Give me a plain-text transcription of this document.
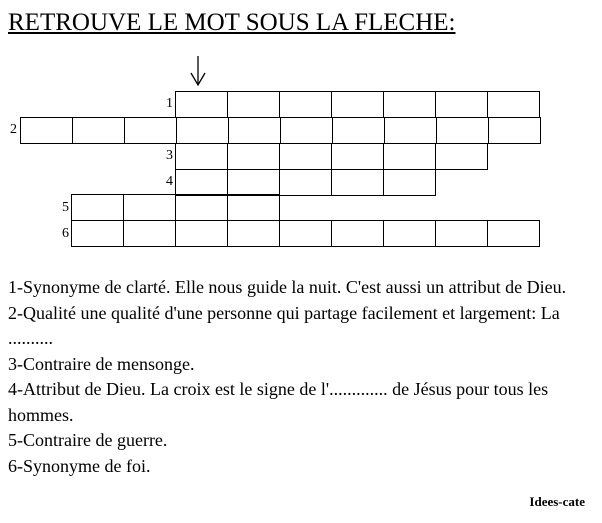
RETROUVE LE MOT SOUS LA FLECHE:
1
2
3
4
5
6

1-Synonyme de clarté. Elle nous guide la nuit. C'est aussi un attribut de Dieu.

2-Qualité une qualité d'une personne qui partage facilement et largement: La ..........

3-Contraire de mensonge.

4-Attribut de Dieu. La croix est le signe de l'............. de Jésus pour tous les hommes.

5-Contraire de guerre.

6-Synonyme de foi.

Idees-cate
